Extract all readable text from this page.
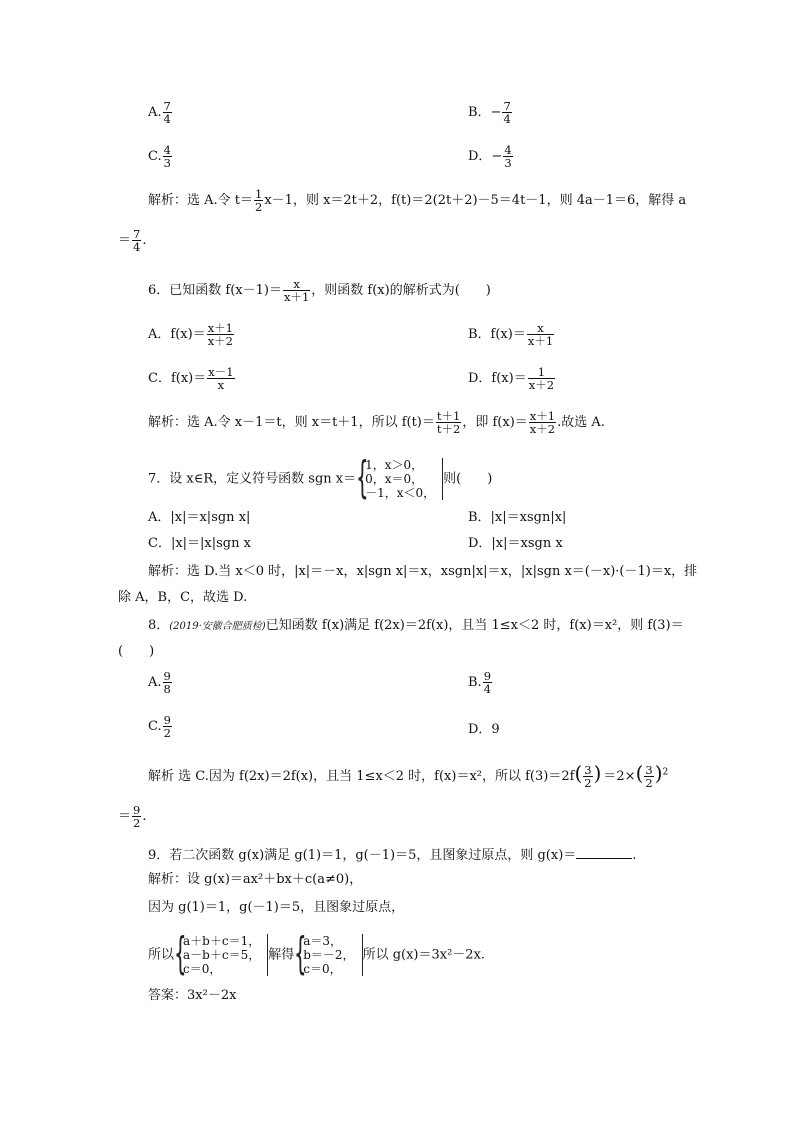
A. $\frac{7}{4}$	B．− $\frac{7}{4}$
C. $\frac{4}{3}$	D．− $\frac{4}{3}$
解析：选 A.令 $t= \frac{1}{2} x-1$，则 x＝2t＋2，f(t)＝2(2t＋2)－5＝4t－1，则 4a－1＝6，解得 a
＝ $\frac{7}{4}$ .
6．已知函数 $f(x-1)= \frac{x}{x+1}$ ，则函数 f(x)的解析式为(　　)
A．$f(x)= \frac{x+1}{x+2}$	B．$f(x)= \frac{x}{x+1}$
C．$f(x)= \frac{x-1}{x}$	D．$f(x)= \frac{1}{x+2}$
解析：选 A.令 x－1＝t，则 x＝t＋1，所以 $f(t)= \frac{t+1}{t+2}$ ，即 $f(x)= \frac{x+1}{x+2}$ .故选 A.
7．设 x∈R，定义符号函数 sgn x＝ {
1，x＞0，
0，x＝0，
－1，x＜0，
则(　　)
A．|x|＝x|sgn x|	B．|x|＝xsgn|x|
C．|x|＝|x|sgn x	D．|x|＝xsgn x
解析：选 D.当 x＜0 时，|x|＝－x，x|sgn x|＝x，xsgn|x|＝x，|x|sgn x＝(－x)·(－1)＝x，排
除 A，B，C，故选 D.
8．(2019·安徽合肥质检)已知函数 f(x)满足 f(2x)＝2f(x)，且当 1≤x＜2 时，f(x)＝x²，则 f(3)＝
(　　)
A. $\frac{9}{8}$	B. $\frac{9}{4}$
C. $\frac{9}{2}$	D．9
解析 选 C.因为 f(2x)＝2f(x)，且当 1≤x＜2 时，f(x)＝x²，所以 $f(3)=2f( \frac{3}{2}$ ) $=2\times( \frac{3}{2} )^2$
＝ $\frac{9}{2}$ .
9．若二次函数 g(x)满足 g(1)＝1，g(－1)＝5，且图象过原点，则 g(x)＝	.
解析：设 g(x)＝ax²＋bx＋c(a≠0)，
因为 g(1)＝1，g(－1)＝5，且图象过原点，
所以 {
a＋b＋c＝1，
a－b＋c＝5，
c＝0，
解得 {
a＝3，
b＝－2，
c＝0，
所以 g(x)＝3x²－2x.
答案：3x²－2x
